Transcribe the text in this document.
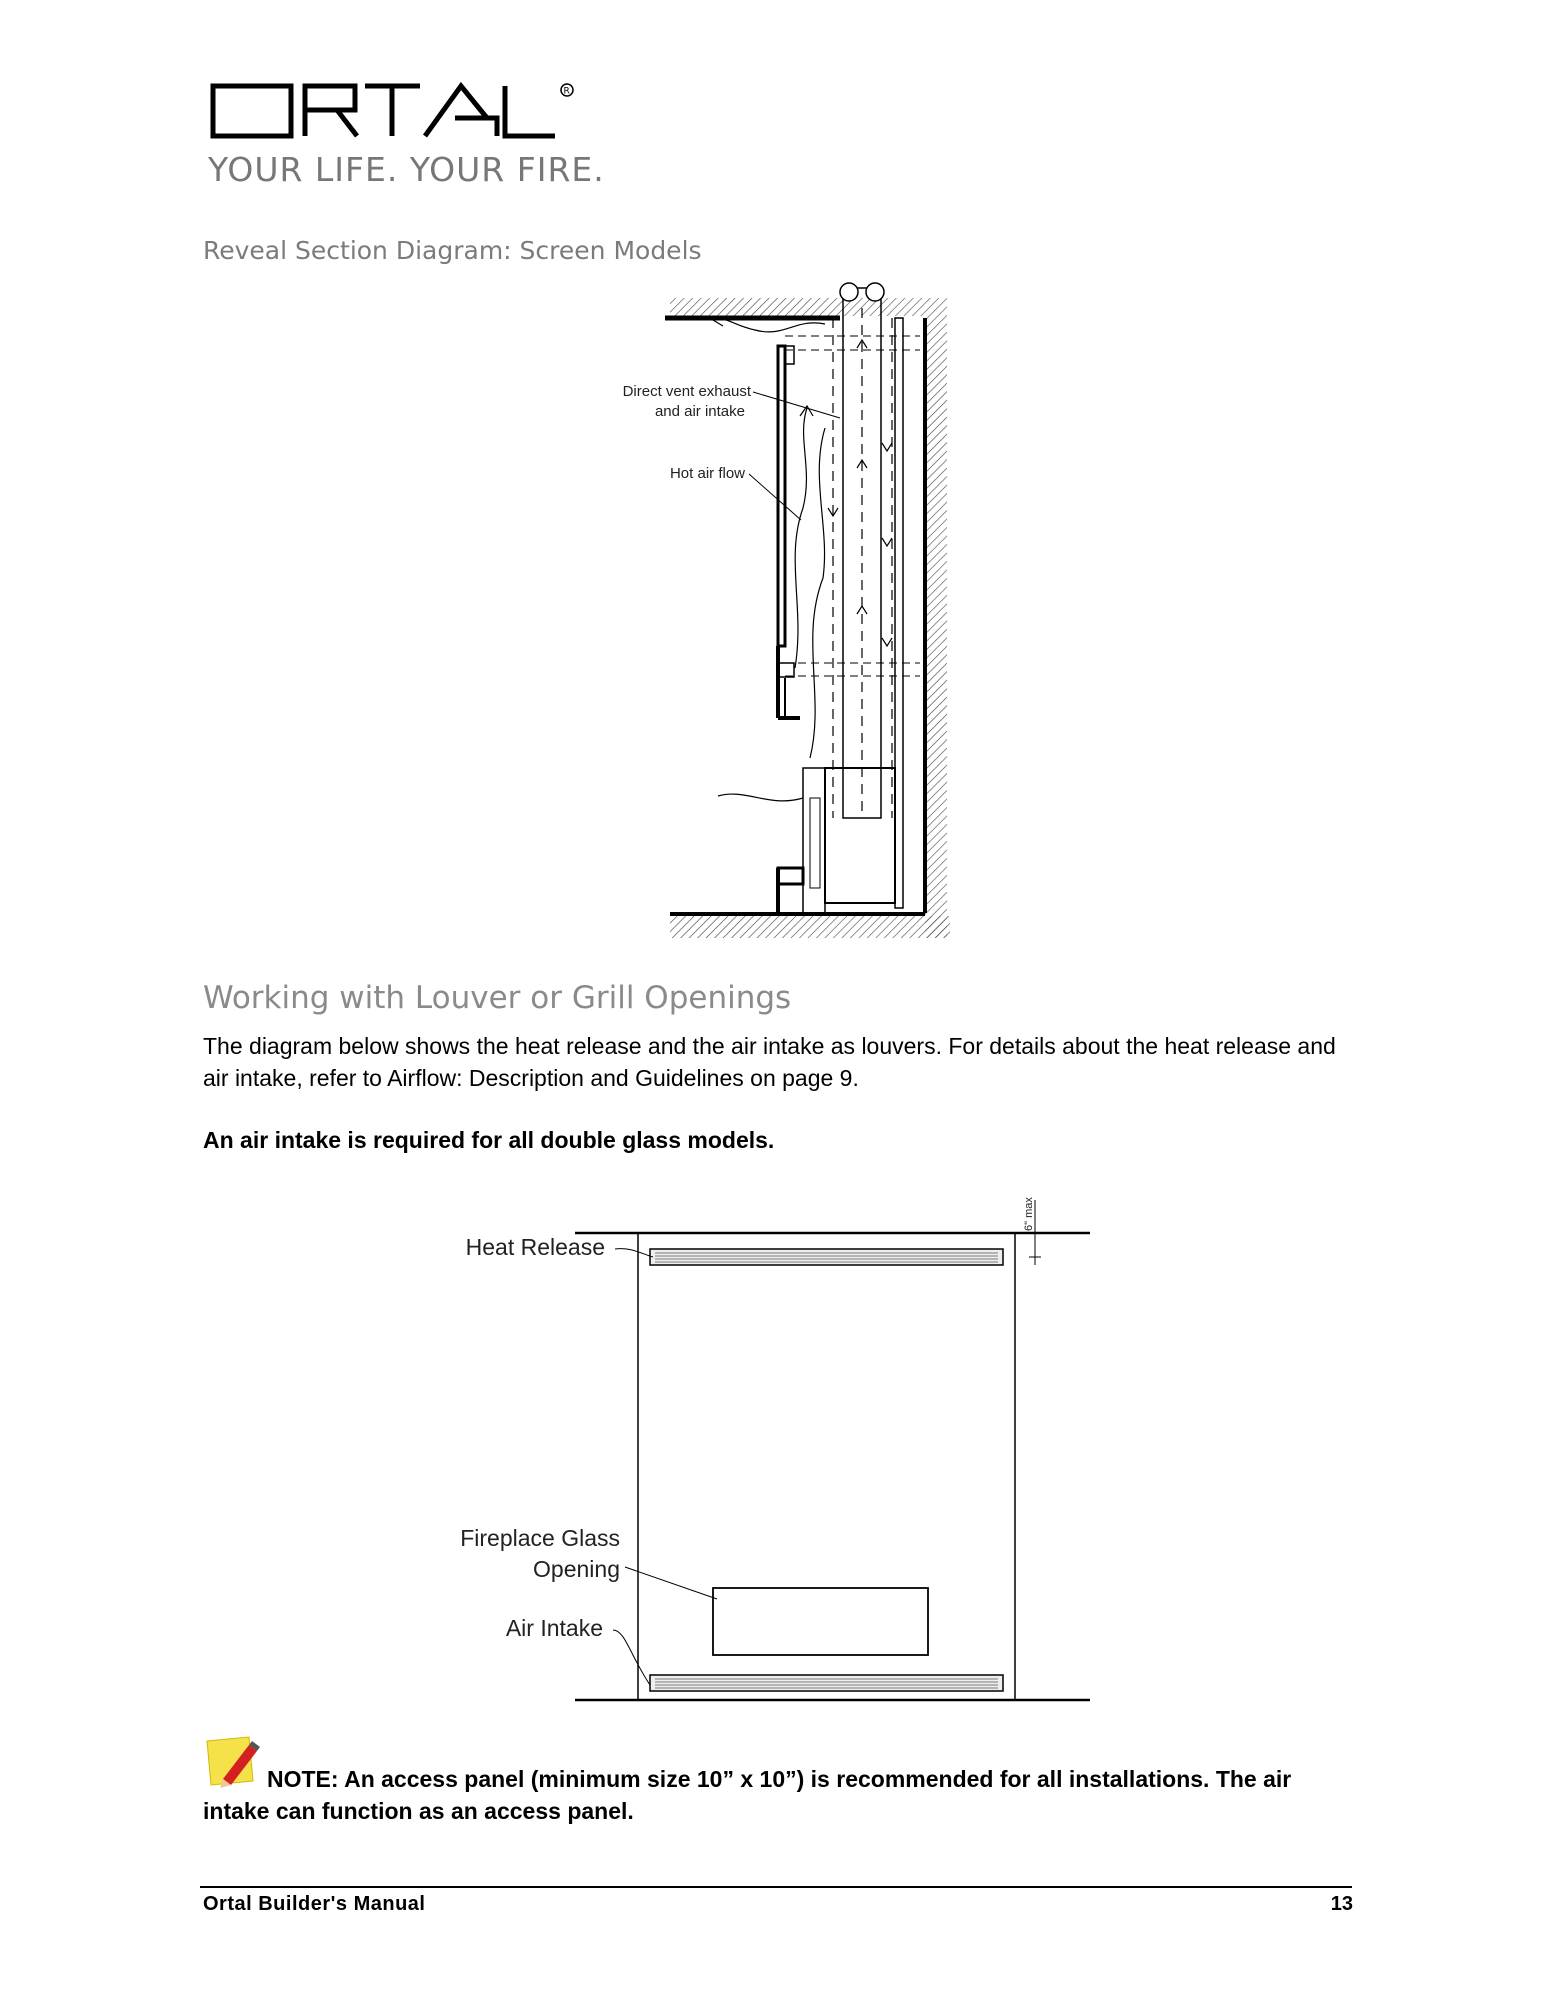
R
YOUR LIFE. YOUR FIRE.
Reveal Section Diagram: Screen Models
Direct vent exhaust
and air intake
Hot air flow
Working with Louver or Grill Openings
The diagram below shows the heat release and the air intake as louvers. For details about the heat release and air intake, refer to Airflow: Description and Guidelines on page 9.
An air intake is required for all double glass models.
6" max
Heat Release
Fireplace Glass
Opening
Air Intake
NOTE: An access panel (minimum size 10” x 10”) is recommended for all installations. The air intake can function as an access panel.
Ortal Builder's Manual	13
